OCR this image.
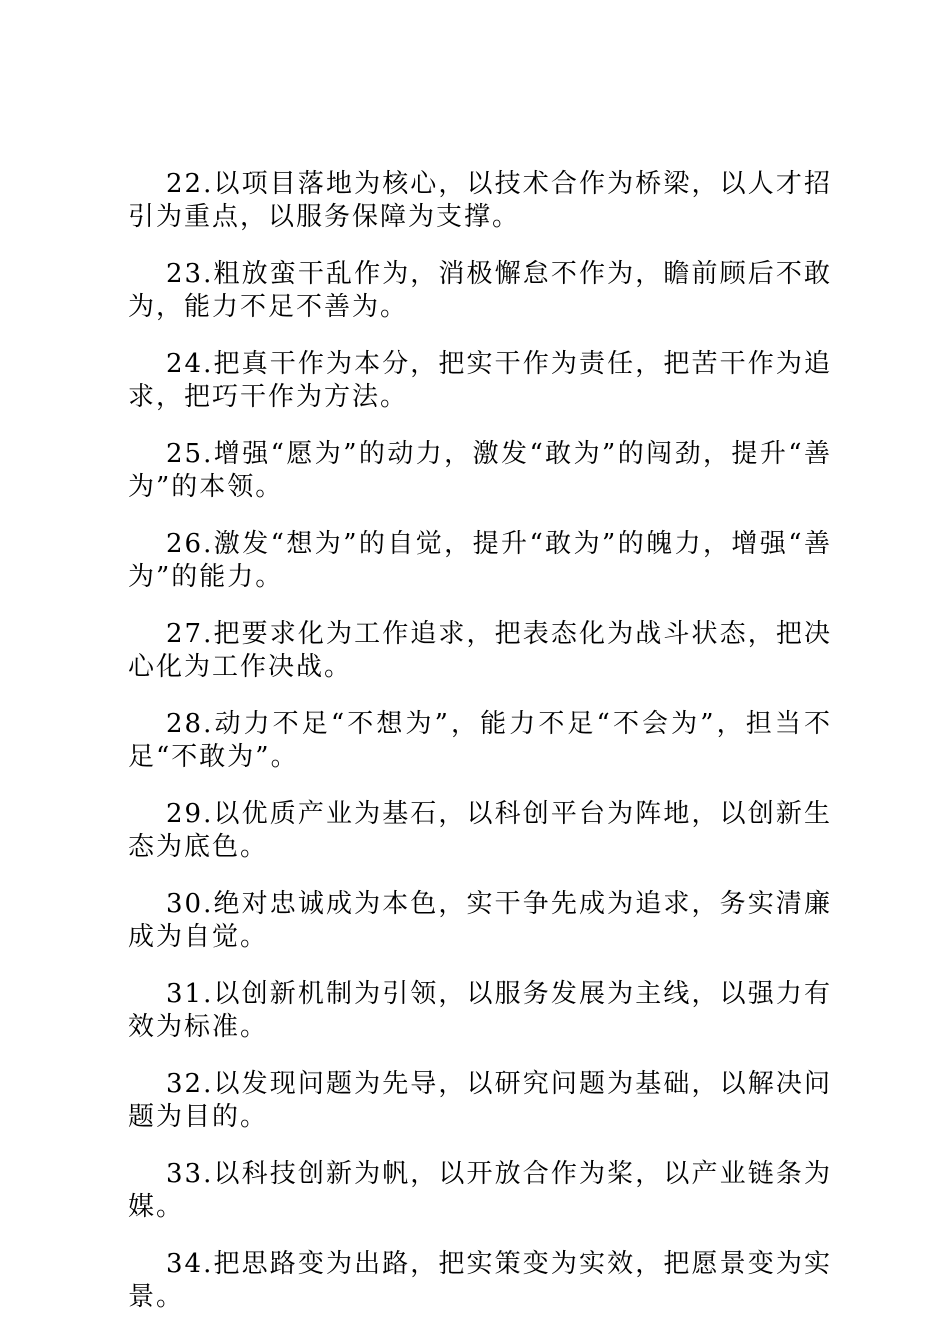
22.以项目落地为核心，以技术合作为桥梁，以人才招引为重点，以服务保障为支撑。

23.粗放蛮干乱作为，消极懈怠不作为，瞻前顾后不敢为，能力不足不善为。

24.把真干作为本分，把实干作为责任，把苦干作为追求，把巧干作为方法。

25.增强“愿为”的动力，激发“敢为”的闯劲，提升“善为”的本领。

26.激发“想为”的自觉，提升“敢为”的魄力，增强“善为”的能力。

27.把要求化为工作追求，把表态化为战斗状态，把决心化为工作决战。

28.动力不足“不想为”，能力不足“不会为”，担当不足“不敢为”。

29.以优质产业为基石，以科创平台为阵地，以创新生态为底色。

30.绝对忠诚成为本色，实干争先成为追求，务实清廉成为自觉。

31.以创新机制为引领，以服务发展为主线，以强力有效为标准。

32.以发现问题为先导，以研究问题为基础，以解决问题为目的。

33.以科技创新为帆，以开放合作为桨，以产业链条为媒。

34.把思路变为出路，把实策变为实效，把愿景变为实景。
